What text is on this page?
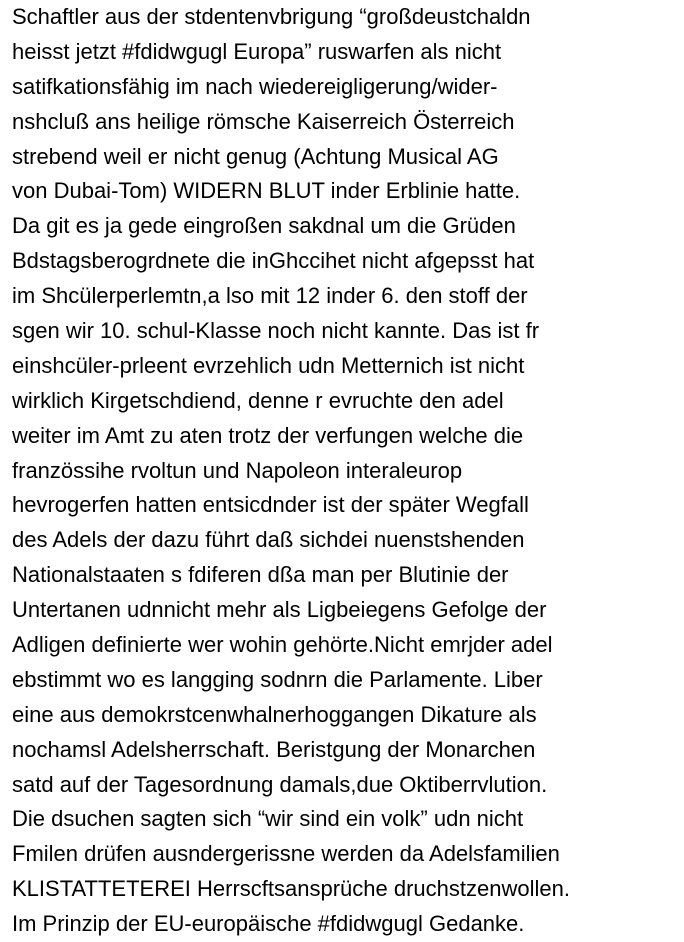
Schaftler aus der stdentenvbrigung “großdeustchaldn
heisst jetzt #fdidwgugl Europa” ruswarfen als nicht
satifkationsfähig im nach wiedereigligerung/wider-
nshcluß ans heilige römsche Kaiserreich Österreich
strebend weil er nicht genug (Achtung Musical AG
von Dubai-Tom) WIDERN BLUT inder Erblinie hatte.
Da git es ja gede eingroßen sakdnal um die Grüden
Bdstagsberogrdnete die inGhccihet nicht afgepsst hat
im Shcülerperlemtn,a lso mit 12 inder 6. den stoff der
sgen wir 10. schul-Klasse noch nicht kannte. Das ist fr
einshcüler-prleent evrzehlich udn Metternich ist nicht
wirklich Kirgetschdiend, denne r evruchte den adel
weiter im Amt zu aten trotz der verfungen welche die
französsihe rvoltun und Napoleon interaleurop
hevrogerfen hatten entsicdnder ist der später Wegfall
des Adels der dazu führt daß sichdei nuenstshenden
Nationalstaaten s fdiferen dßa man per Blutinie der
Untertanen udnnicht mehr als Ligbeiegens Gefolge der
Adligen definierte wer wohin gehörte.Nicht emrjder adel
ebstimmt wo es langging sodnrn die Parlamente. Liber
eine aus demokrstcenwhalnerhoggangen Dikature als
nochamsl Adelsherrschaft. Beristgung der Monarchen
satd auf der Tagesordnung damals,due Oktiberrvlution.
Die dsuchen sagten sich “wir sind ein volk” udn nicht
Fmilen drüfen ausndergerissne werden da Adelsfamilien
KLISTATTETEREI Herrscftsansprüche druchstzenwollen.
Im Prinzip der EU-europäische #fdidwgugl Gedanke.
